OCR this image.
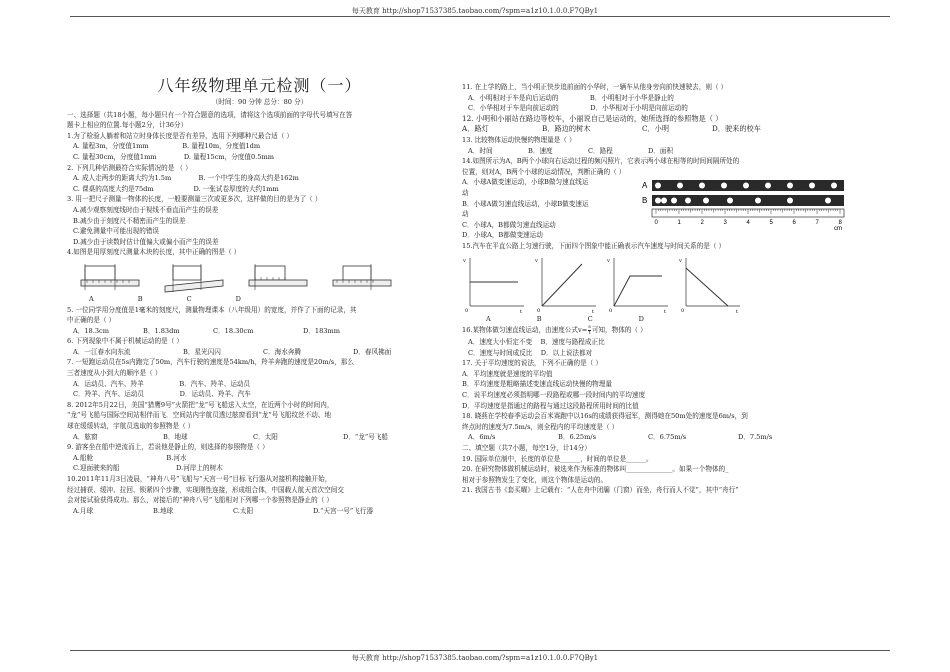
每天教育 http://shop71537385.taobao.com/?spm=a1z10.1.0.0.F7QBy1
八年级物理单元检测（一）
（时间：90 分钟 总分：80 分）
一、选择题（共18小题，每小题只有一个符合题意的选项，请将这个选项前面的字母代号填写在答
题卡上相应的位置.每小题2分，计36分）
1.为了检验人躺着和站立时身体长度是否有差异，选用下列哪种尺最合适（ ）
A. 量程3m，分度值1mm                B. 量程10m，分度值1dm
C. 量程30cm，分度值1mm             D. 量程15cm，分度值0.5mm
2. 下列几种估测最符合实际情况的是 （ ）
A. 成人走两步的距离大约为1.5m             B. 一个中学生的身高大约是162m
C. 课桌的高度大约是75dm                   D. 一张试卷厚度的大约1mm
3. 用一把尺子测量一物体的长度，一般要测量三次或更多次，这样做的目的是为了（ ）
A.减少观察刻度线时由于视线不垂直而产生的误差
B.减少由于刻度尺不精密而产生的误差
C.避免测量中可能出现的错误
D.减少由于读数时估计值偏大或偏小而产生的误差
4.如图是用厚刻度尺测量木块的长度，其中正确的图是（ ）
A	B	C	D
5. 一位同学用分度值是1毫米的刻度尺，测量物理课本（八年级用）的宽度，并作了下面的记录，其
中正确的是（ ）
A．18.3cm	B．1.83dm	C．18.30cm	D．183mm
6. 下列现象中不属于机械运动的是（ ）
A．一江春水向东流	B．星光闪闪	C．海水奔腾	D．春风拂面
7. 一短跑运动员在5s内跑完了50m，汽车行驶的速度是54km/h，羚羊奔跑的速度是20m/s，那么
三者速度从小到大的顺序是（ ）
A．运动员、汽车、羚羊                 B．汽车、羚羊、运动员
C．羚羊、汽车、运动员                 D．运动员、羚羊、汽车
8. 2012年5月22日，美国“猎鹰9号”火箭把“龙”号飞船送入太空，在近两个小时的时间内，
“龙”号飞船与国际空间站相伴而飞．空间站内宇航员透过舷窗看到“龙”号飞船纹丝不动、地
球在缓缓转动，宇航员选取的参照物是（ ）
A．舷窗	B．地球	C．太阳	D．“龙”号飞船
9. 游客坐在船中逆流而上，若说他是静止的，则选择的参照物是（ ）
A.船舱                                   B.河水
C.迎面驶来的船                           D.河岸上的树木
10.2011年11月3日凌晨，“神舟八号”飞船与“天宫一号”目标飞行器从对接机构接触开始，
经过捕获、缓冲、拉回、锁紧四个步骤，实现刚性连接，形成组合体，中国载人航天首次空间交
会对接试验获得成功。那么，对接后的“神舟八号”飞船相对下列哪一个参照物是静止的（ ）
A.月球	B.地球	C.太阳	D.“天宫一号”飞行器
11. 在上学的路上，当小明正快步追前面的小华时，一辆车从他身旁向前快速驶去，则（ ）
A．小明相对于车是向后运动的               B．小明相对于小华是静止的
C．小华相对于车是向前运动的               D．小华相对于小明是向前运动的
12. 小明和小丽站在路边等校车，小丽说自己是运动的，她所选择的参照物是（ ）
A．路灯	B．路边的树木	C．小明	D．驶来的校车
13. 比较物体运动快慢的物理量是（ ）
A．时间	B．速度	C．路程	D．面积
14.如图所示为A，B两个小球向右运动过程的频闪照片，它表示两小球在相等的时间间隔所处的
位置，则对A，B两个小球的运动情况，判断正确的（ ）
A．小球A做变速运动，小球B做匀速直线运
动
B．小球A做匀速直线运动，小球B做变速运
动
C．小球A，B都做匀速直线运动
D．小球A，B都做变速运动
A
B
0	1	2	3	4	5	6	7	8
cm
15.汽车在平直公路上匀速行驶，下面四个图象中能正确表示汽车速度与时间关系的是（ ）
v
t
0
v
t
0
v
t
0
v
t
0
A	B	C	D
16.某物体做匀速直线运动，由速度公式$v= \frac{s}{t}$ 可知，物体的（ ）
A．速度大小恒定不变    B．速度与路程成正比
C．速度与时间成反比    D．以上说法都对
17. 关于平均速度的说法，下列不正确的是（ ）
A．平均速度就是速度的平均值
B．平均速度是粗略描述变速直线运动快慢的物理量
C．说平均速度必须指明哪一段路程或哪一段时间内的平均速度
D．平均速度是指通过的路程与通过这段路程所用时间的比值
18. 晓燕在学校春季运动会百米赛跑中以16s的成绩获得冠军，测得她在50m处的速度是6m/s，到
终点时的速度为7.5m/s，则全程内的平均速度是（ ）
A．6m/s	B．6.25m/s	C．6.75m/s	D．7.5m/s
二、填空题（共7小题，每空1分，计14分）
19. 国际单位制中，长度的单位是______，时间的单位是______。
20. 在研究物体做机械运动时，被选来作为标准的物体叫______________。如果一个物体的_
相对于参照物发生了变化，则这个物体是运动的。
21. 我国古书《套买曜》上记载有：“人在舟中闭牖（门窗）而坐，舟行而人不觉”，其中“舟行”
每天教育 http://shop71537385.taobao.com/?spm=a1z10.1.0.0.F7QBy1
